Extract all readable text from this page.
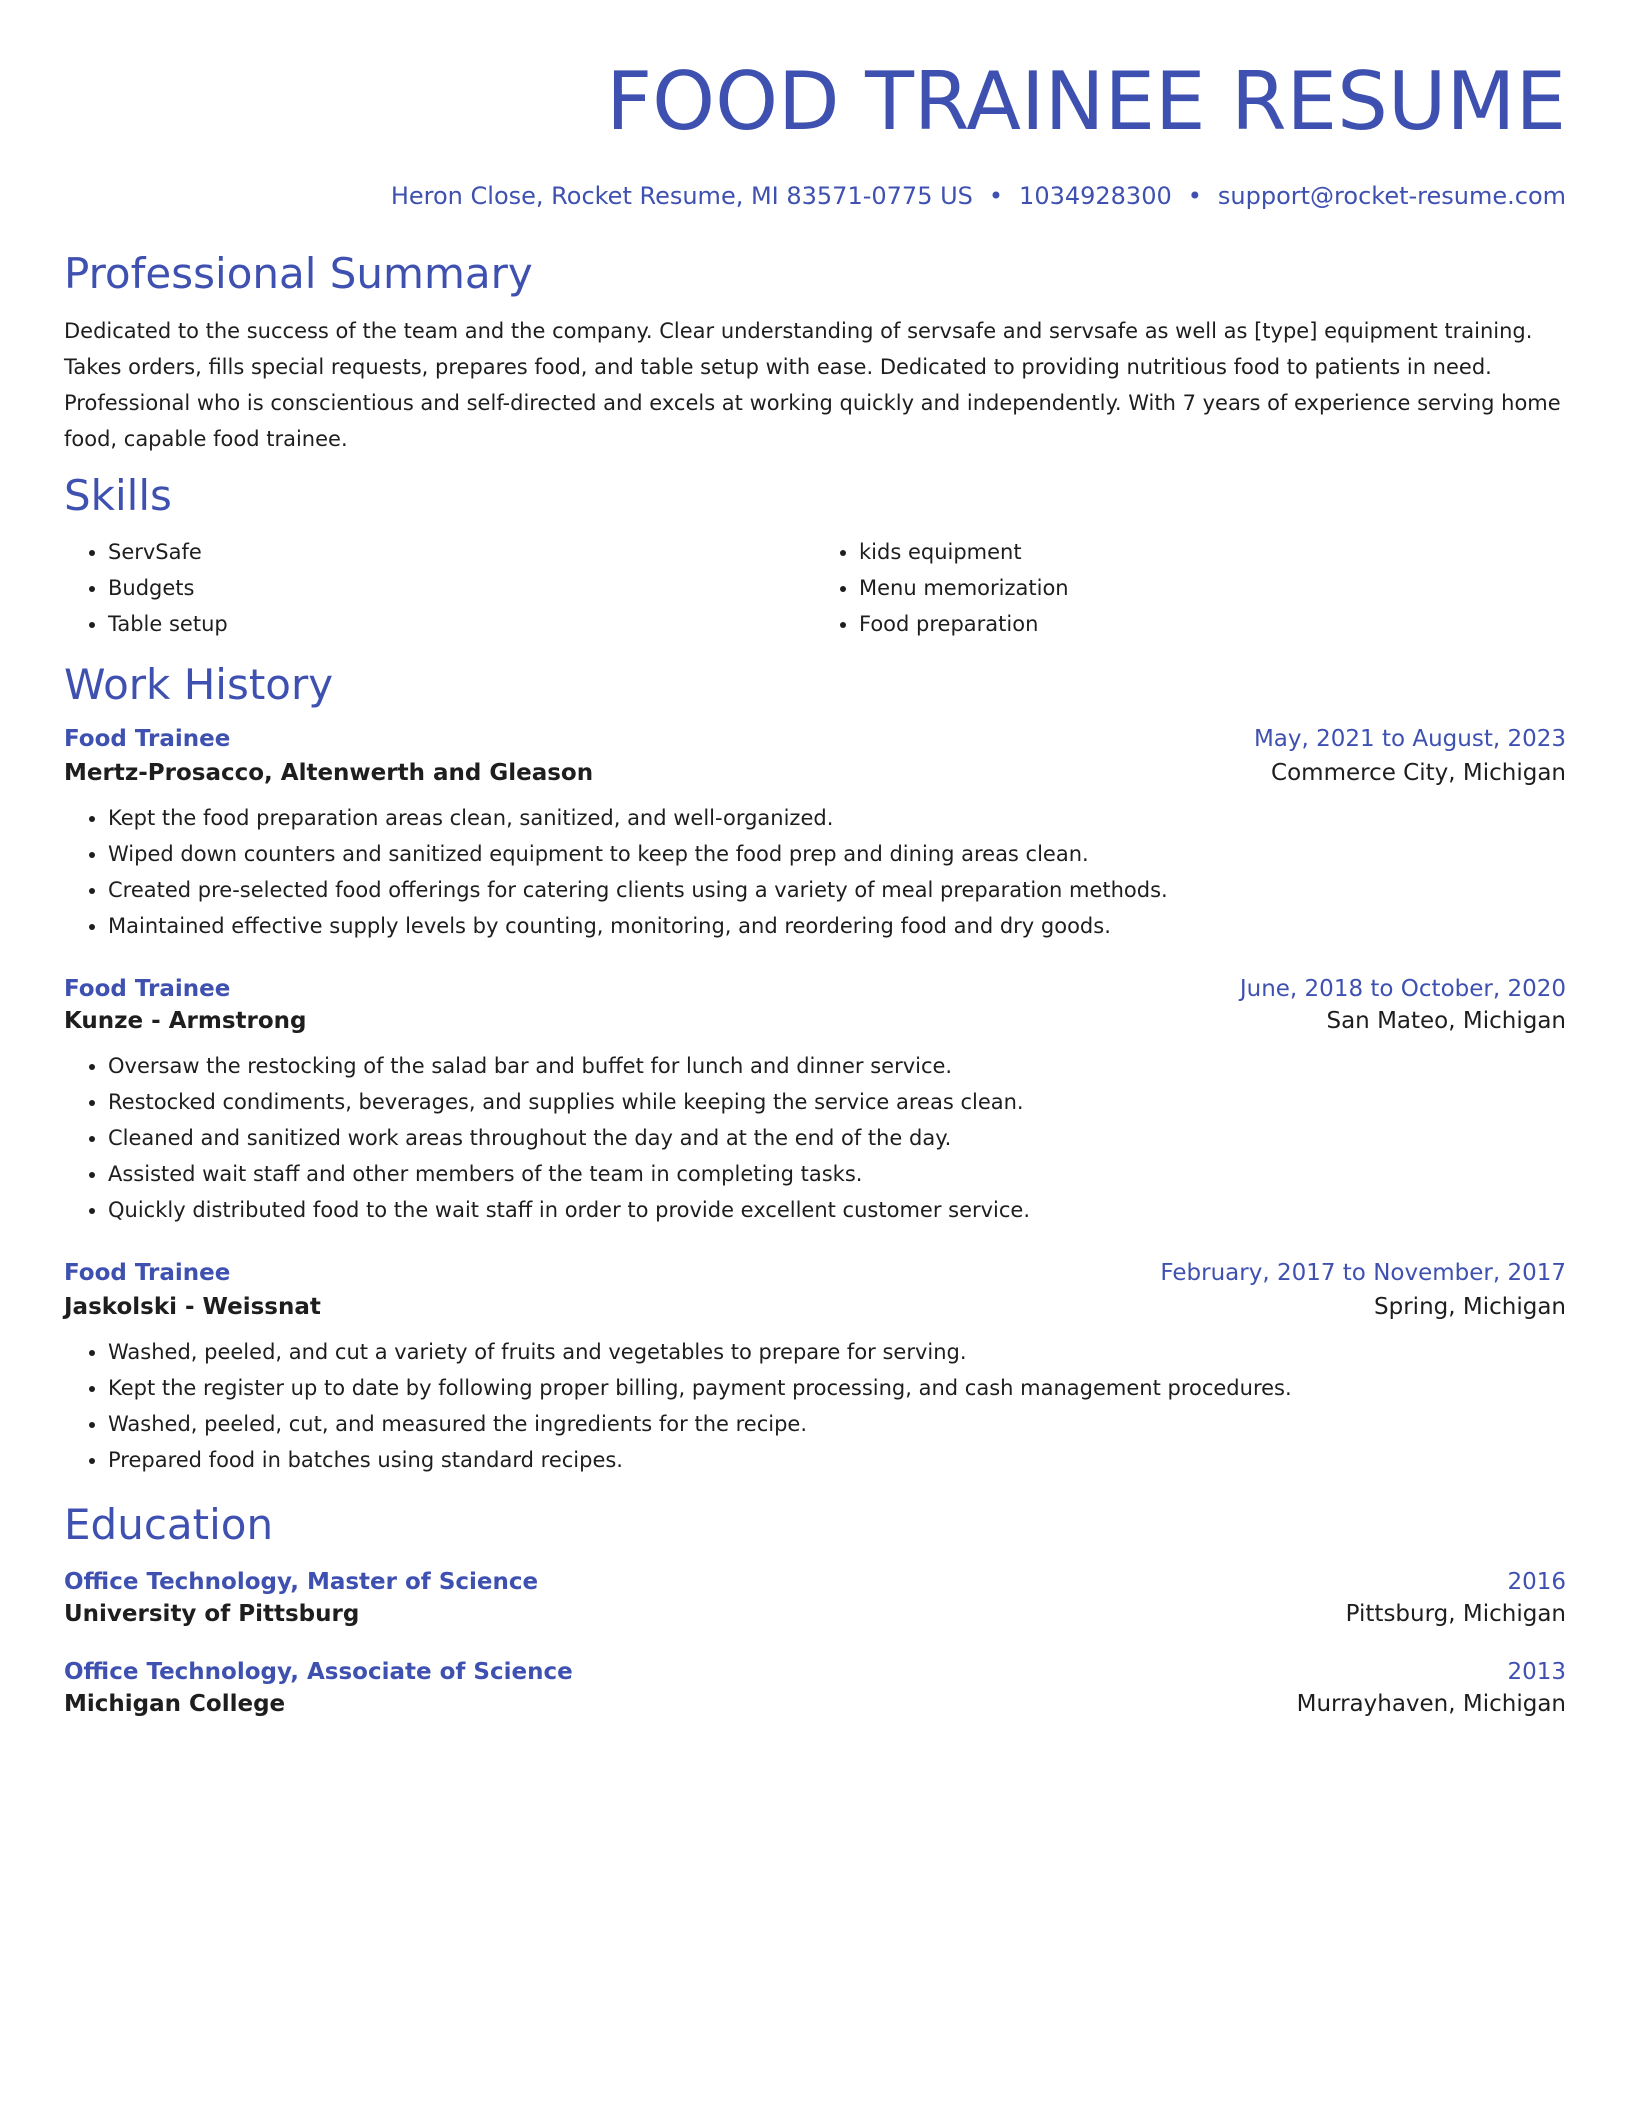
FOOD TRAINEE RESUME
Heron Close, Rocket Resume, MI 83571-0775 US • 1034928300 • support@rocket-resume.com
Professional Summary

Dedicated to the success of the team and the company. Clear understanding of servsafe and servsafe as well as [type] equipment training. Takes orders, fills special requests, prepares food, and table setup with ease. Dedicated to providing nutritious food to patients in need. Professional who is conscientious and self-directed and excels at working quickly and independently. With 7 years of experience serving home food, capable food trainee.

Skills
• ServSafe
• Budgets
• Table setup
• kids equipment
• Menu memorization
• Food preparation
Work History
Food Trainee	May, 2021 to August, 2023
Mertz-Prosacco, Altenwerth and Gleason	Commerce City, Michigan
• Kept the food preparation areas clean, sanitized, and well-organized.
• Wiped down counters and sanitized equipment to keep the food prep and dining areas clean.
• Created pre-selected food offerings for catering clients using a variety of meal preparation methods.
• Maintained effective supply levels by counting, monitoring, and reordering food and dry goods.
Food Trainee	June, 2018 to October, 2020
Kunze - Armstrong	San Mateo, Michigan
• Oversaw the restocking of the salad bar and buffet for lunch and dinner service.
• Restocked condiments, beverages, and supplies while keeping the service areas clean.
• Cleaned and sanitized work areas throughout the day and at the end of the day.
• Assisted wait staff and other members of the team in completing tasks.
• Quickly distributed food to the wait staff in order to provide excellent customer service.
Food Trainee	February, 2017 to November, 2017
Jaskolski - Weissnat	Spring, Michigan
• Washed, peeled, and cut a variety of fruits and vegetables to prepare for serving.
• Kept the register up to date by following proper billing, payment processing, and cash management procedures.
• Washed, peeled, cut, and measured the ingredients for the recipe.
• Prepared food in batches using standard recipes.
Education
Office Technology, Master of Science	2016
University of Pittsburg	Pittsburg, Michigan
Office Technology, Associate of Science	2013
Michigan College	Murrayhaven, Michigan
